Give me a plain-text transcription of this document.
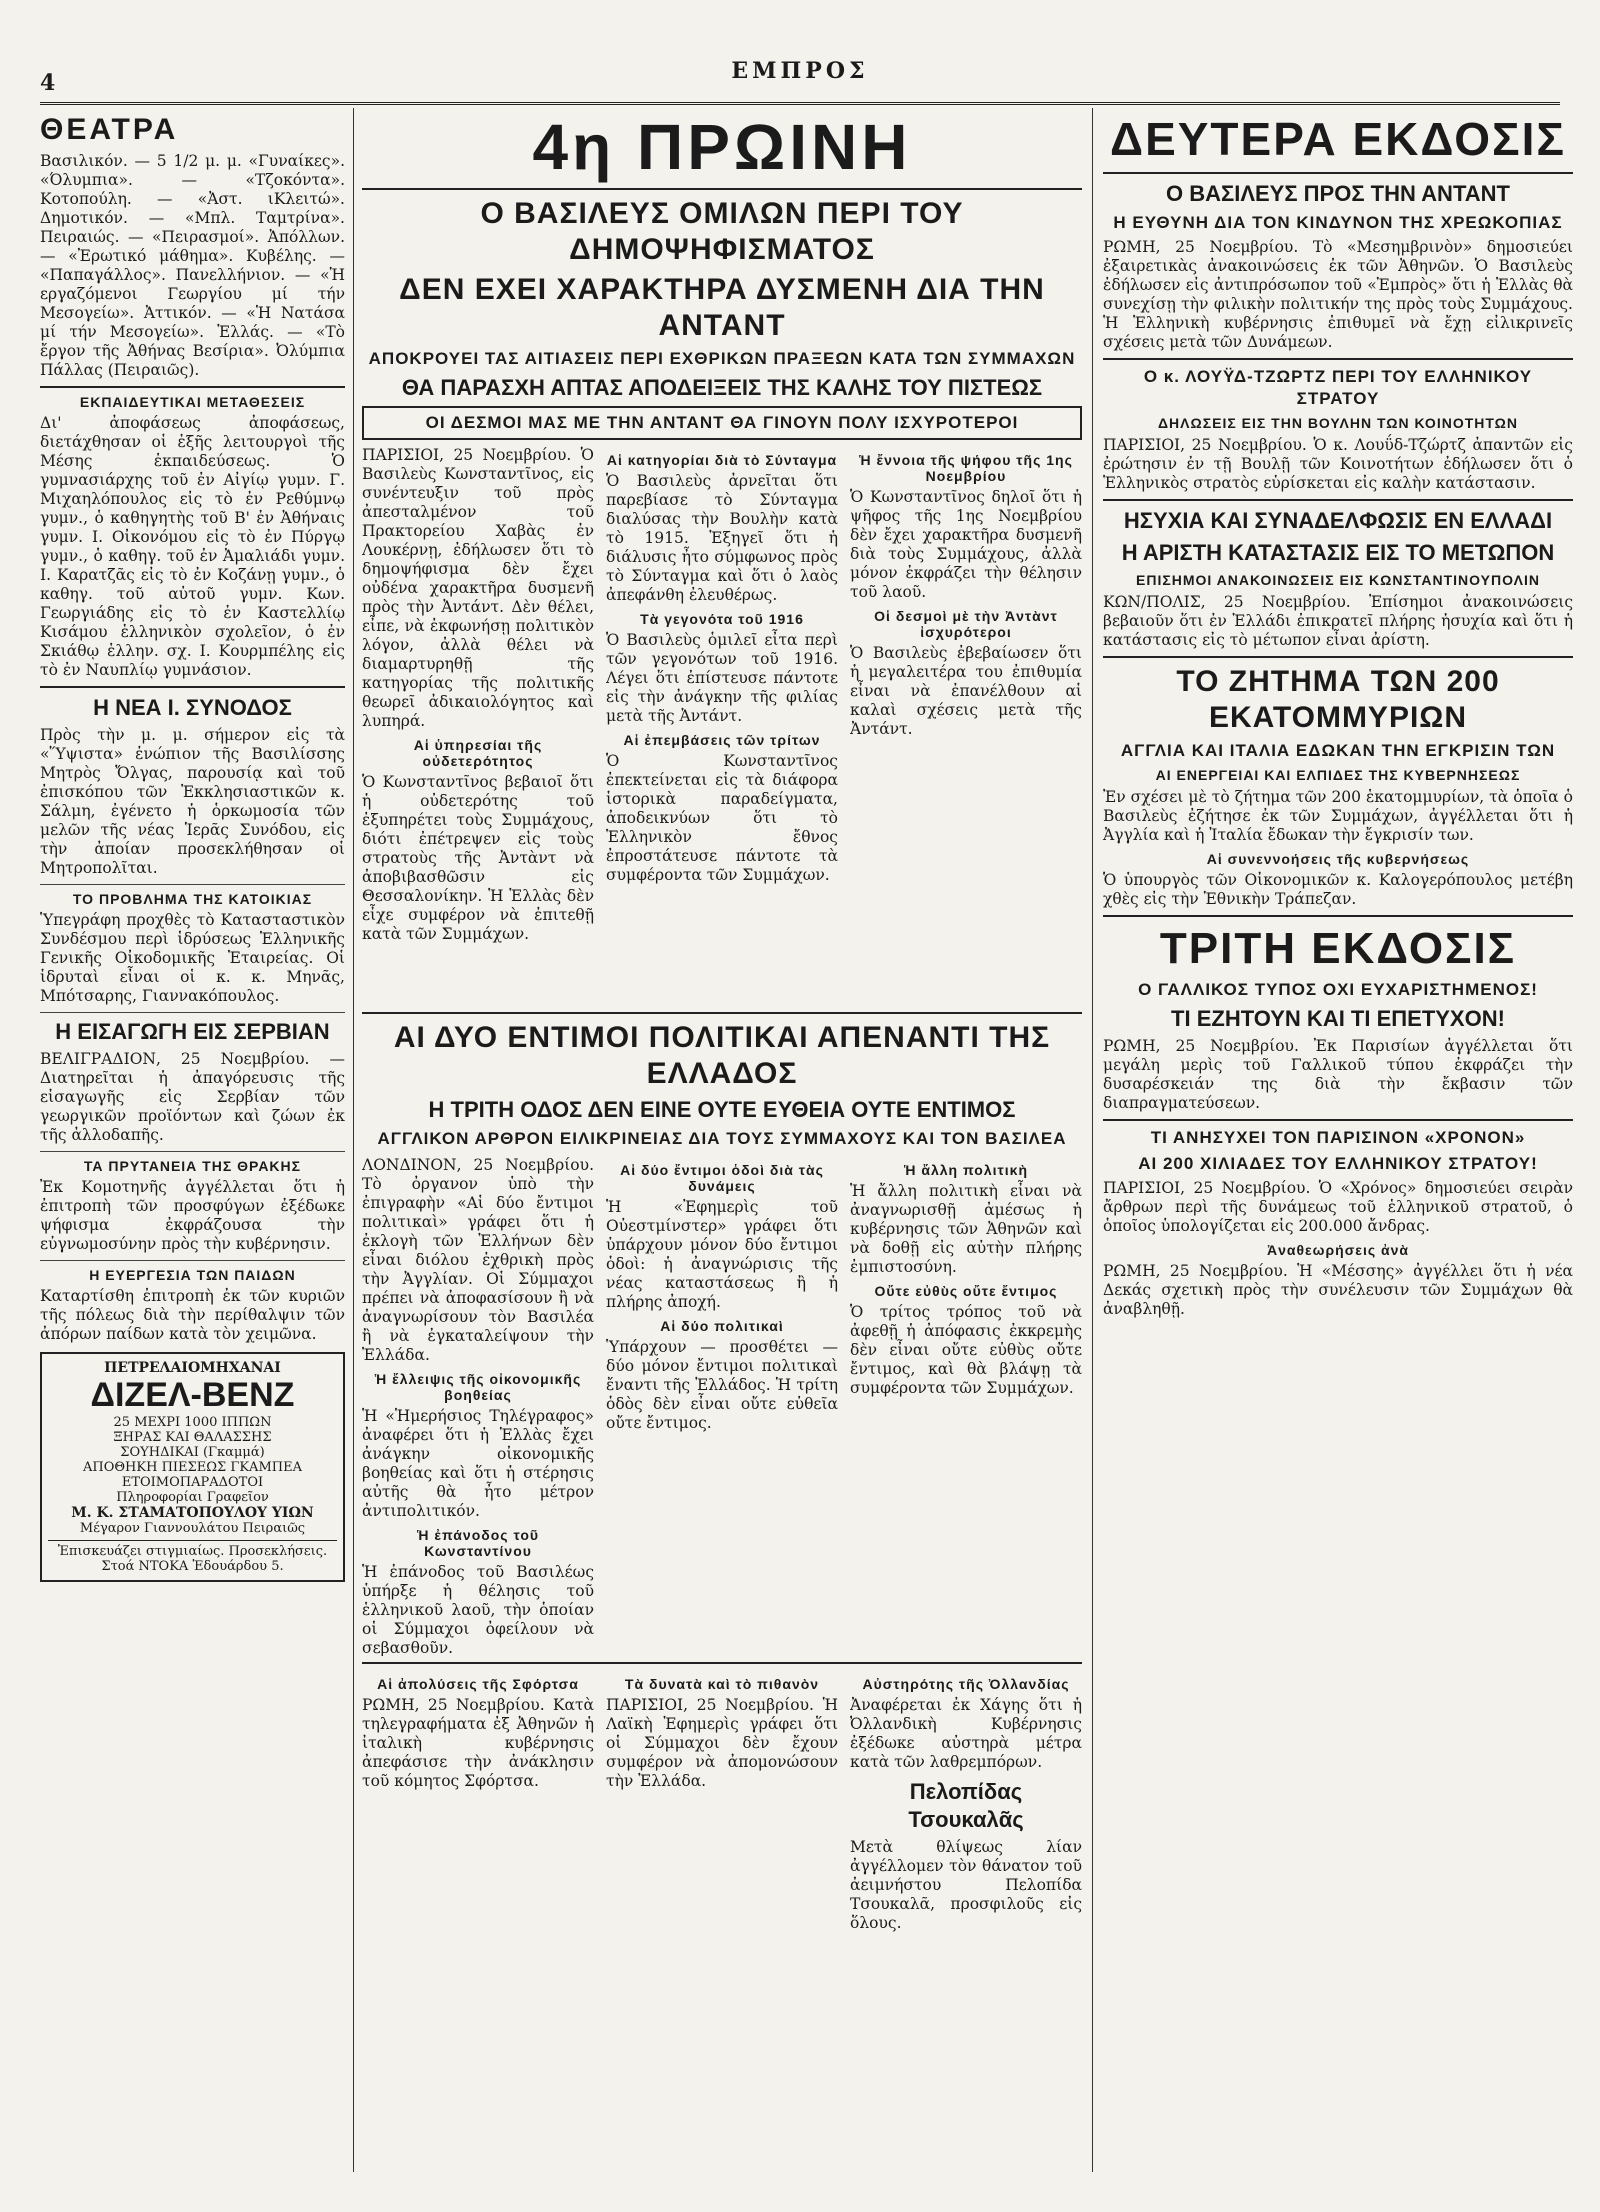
4	ΕΜΠΡΟΣ
ΘΕΑΤΡΑ

Βασιλικόν. — 5 1/2 μ. μ. «Γυναίκες». «Όλυμπια». — «Τζοκόντα». Κοτοπούλη. — «Ἀστ. ιΚλειτώ». Δημοτικόν. — «Μπλ. Ταμτρίνα». Πειραιώς. — «Πειρασμοί». Ἀπόλλων. — «Ἐρωτικό μάθημα». Κυβέλης. — «Παπαγάλλος». Πανελλήνιον. — «Ἡ εργαζόμενοι Γεωργίου μί τήν Μεσογείω». Ἀττικόν. — «Ἡ Νατάσα μί τήν Μεσογείω». Ἑλλάς. — «Τὸ ἔργον τῆς Ἀθήνας Βεσίρια». Ὀλύμπια Πάλλας (Πειραιῶς).

ΕΚΠΑΙΔΕΥΤΙΚΑΙ ΜΕΤΑΘΕΣΕΙΣ

Δι' ἀποφάσεως ἀποφάσεως, διετάχθησαν οἱ ἑξῆς λειτουργοὶ τῆς Μέσης ἐκπαιδεύσεως. Ὁ γυμνασιάρχης τοῦ ἐν Αἰγίῳ γυμν. Γ. Μιχαηλόπουλος εἰς τὸ ἐν Ρεθύμνῳ γυμν., ὁ καθηγητὴς τοῦ Β' ἐν Ἀθήναις γυμν. Ι. Οἰκονόμου εἰς τὸ ἐν Πύργῳ γυμν., ὁ καθηγ. τοῦ ἐν Ἀμαλιάδι γυμν. Ι. Καρατζᾶς εἰς τὸ ἐν Κοζάνῃ γυμν., ὁ καθηγ. τοῦ αὐτοῦ γυμν. Κων. Γεωργιάδης εἰς τὸ ἐν Καστελλίῳ Κισάμου ἑλληνικὸν σχολεῖον, ὁ ἐν Σκιάθῳ ἑλλην. σχ. Ι. Κουρμπέλης εἰς τὸ ἐν Ναυπλίῳ γυμνάσιον.

Η ΝΕΑ Ι. ΣΥΝΟΔΟΣ

Πρὸς τὴν μ. μ. σήμερον εἰς τὰ «Ὕψιστα» ἐνώπιον τῆς Βασιλίσσης Μητρὸς Ὄλγας, παρουσίᾳ καὶ τοῦ ἐπισκόπου τῶν Ἐκκλησιαστικῶν κ. Σάλμη, ἐγένετο ἡ ὁρκωμοσία τῶν μελῶν τῆς νέας Ἱερᾶς Συνόδου, εἰς τὴν ἀποίαν προσεκλήθησαν οἱ Μητροπολῖται.

ΤΟ ΠΡΟΒΛΗΜΑ ΤΗΣ ΚΑΤΟΙΚΙΑΣ

Ὑπεγράφη προχθὲς τὸ Κατασταστικὸν Συνδέσμου περὶ ἱδρύσεως Ἑλληνικῆς Γενικῆς Οἰκοδομικῆς Ἑταιρείας. Οἱ ἱδρυταὶ εἶναι οἱ κ. κ. Μηνᾶς, Μπότσαρης, Γιαννακόπουλος.

Η ΕΙΣΑΓΩΓΗ ΕΙΣ ΣΕΡΒΙΑΝ

ΒΕΛΙΓΡΑΔΙΟΝ, 25 Νοεμβρίου. — Διατηρεῖται ἡ ἀπαγόρευσις τῆς εἰσαγωγῆς εἰς Σερβίαν τῶν γεωργικῶν προϊόντων καὶ ζώων ἐκ τῆς ἀλλοδαπῆς.

ΤΑ ΠΡΥΤΑΝΕΙΑ ΤΗΣ ΘΡΑΚΗΣ

Ἐκ Κομοτηνῆς ἀγγέλλεται ὅτι ἡ ἐπιτροπὴ τῶν προσφύγων ἐξέδωκε ψήφισμα ἐκφράζουσα τὴν εὐγνωμοσύνην πρὸς τὴν κυβέρνησιν.

Η ΕΥΕΡΓΕΣΙΑ ΤΩΝ ΠΑΙΔΩΝ

Καταρτίσθη ἐπιτροπὴ ἐκ τῶν κυριῶν τῆς πόλεως διὰ τὴν περίθαλψιν τῶν ἀπόρων παίδων κατὰ τὸν χειμῶνα.

ΠΕΤΡΕΛΑΙΟΜΗΧΑΝΑΙ
ΔΙΖΕΛ-ΒΕΝΖ
25 ΜΕΧΡΙ 1000 ΙΠΠΩΝ
ΞΗΡΑΣ ΚΑΙ ΘΑΛΑΣΣΗΣ
ΣΟΥΗΔΙΚΑΙ (Γκαμμά)
ΑΠΟΘΗΚΗ ΠΙΕΣΕΩΣ ΓΚΑΜΠΕΑ
ΕΤΟΙΜΟΠΑΡΑΔΟΤΟΙ
Πληροφορίαι Γραφεῖον
Μ. Κ. ΣΤΑΜΑΤΟΠΟΥΛΟΥ ΥΙΩΝ
Μέγαρον Γιαννουλάτου Πειραιῶς
Ἐπισκευάζει στιγμιαίως. Προσεκλήσεις. Στοά ΝΤΟΚΑ Ἐδουάρδου 5.
4η ΠΡΩΙΝΗ
Ο ΒΑΣΙΛΕΥΣ ΟΜΙΛΩΝ ΠΕΡΙ ΤΟΥ ΔΗΜΟΨΗΦΙΣΜΑΤΟΣ
ΔΕΝ ΕΧΕΙ ΧΑΡΑΚΤΗΡΑ ΔΥΣΜΕΝΗ ΔΙΑ ΤΗΝ ΑΝΤΑΝΤ
ΑΠΟΚΡΟΥΕΙ ΤΑΣ ΑΙΤΙΑΣΕΙΣ ΠΕΡΙ ΕΧΘΡΙΚΩΝ ΠΡΑΞΕΩΝ ΚΑΤΑ ΤΩΝ ΣΥΜΜΑΧΩΝ
ΘΑ ΠΑΡΑΣΧΗ ΑΠΤΑΣ ΑΠΟΔΕΙΞΕΙΣ ΤΗΣ ΚΑΛΗΣ ΤΟΥ ΠΙΣΤΕΩΣ
ΟΙ ΔΕΣΜΟΙ ΜΑΣ ΜΕ ΤΗΝ ΑΝΤΑΝΤ ΘΑ ΓΙΝΟΥΝ ΠΟΛΥ ΙΣΧΥΡΟΤΕΡΟΙ

ΠΑΡΙΣΙΟΙ, 25 Νοεμβρίου. Ὁ Βασιλεὺς Κωνσταντῖνος, εἰς συνέντευξιν τοῦ πρὸς ἀπεσταλμένον τοῦ Πρακτορείου Χαβὰς ἐν Λουκέρνῃ, ἐδήλωσεν ὅτι τὸ δημοψήφισμα δὲν ἔχει οὐδένα χαρακτῆρα δυσμενῆ πρὸς τὴν Ἀντάντ. Δὲν θέλει, εἶπε, νὰ ἐκφωνήσῃ πολιτικὸν λόγον, ἀλλὰ θέλει νὰ διαμαρτυρηθῇ τῆς κατηγορίας τῆς πολιτικῆς θεωρεῖ ἀδικαιολόγητος καὶ λυπηρά.

Αἱ ὑπηρεσίαι τῆς οὐδετερότητος

Ὁ Κωνσταντῖνος βεβαιοῖ ὅτι ἡ οὐδετερότης τοῦ ἐξυπηρέτει τοὺς Συμμάχους, διότι ἐπέτρεψεν εἰς τοὺς στρατοὺς τῆς Ἀντὰντ νὰ ἀποβιβασθῶσιν εἰς Θεσσαλονίκην. Ἡ Ἑλλὰς δὲν εἶχε συμφέρον νὰ ἐπιτεθῇ κατὰ τῶν Συμμάχων.

Αἱ κατηγορίαι διὰ τὸ Σύνταγμα

Ὁ Βασιλεὺς ἀρνεῖται ὅτι παρεβίασε τὸ Σύνταγμα διαλύσας τὴν Βουλὴν κατὰ τὸ 1915. Ἐξηγεῖ ὅτι ἡ διάλυσις ἦτο σύμφωνος πρὸς τὸ Σύνταγμα καὶ ὅτι ὁ λαὸς ἀπεφάνθη ἐλευθέρως.

Τὰ γεγονότα τοῦ 1916

Ὁ Βασιλεὺς ὁμιλεῖ εἶτα περὶ τῶν γεγονότων τοῦ 1916. Λέγει ὅτι ἐπίστευσε πάντοτε εἰς τὴν ἀνάγκην τῆς φιλίας μετὰ τῆς Ἀντάντ.

Αἱ ἐπεμβάσεις τῶν τρίτων

Ὁ Κωνσταντῖνος ἐπεκτείνεται εἰς τὰ διάφορα ἱστορικὰ παραδείγματα, ἀποδεικνύων ὅτι τὸ Ἑλληνικὸν ἔθνος ἐπροστάτευσε πάντοτε τὰ συμφέροντα τῶν Συμμάχων.

Ἡ ἔννοια τῆς ψήφου τῆς 1ης Νοεμβρίου

Ὁ Κωνσταντῖνος δηλοῖ ὅτι ἡ ψῆφος τῆς 1ης Νοεμβρίου δὲν ἔχει χαρακτῆρα δυσμενῆ διὰ τοὺς Συμμάχους, ἀλλὰ μόνον ἐκφράζει τὴν θέλησιν τοῦ λαοῦ.

Οἱ δεσμοὶ μὲ τὴν Ἀντὰντ ἰσχυρότεροι

Ὁ Βασιλεὺς ἐβεβαίωσεν ὅτι ἡ μεγαλειτέρα του ἐπιθυμία εἶναι νὰ ἐπανέλθουν αἱ καλαὶ σχέσεις μετὰ τῆς Ἀντάντ.

ΑΙ ΔΥΟ ΕΝΤΙΜΟΙ ΠΟΛΙΤΙΚΑΙ ΑΠΕΝΑΝΤΙ ΤΗΣ ΕΛΛΑΔΟΣ
Η ΤΡΙΤΗ ΟΔΟΣ ΔΕΝ ΕΙΝΕ ΟΥΤΕ ΕΥΘΕΙΑ ΟΥΤΕ ΕΝΤΙΜΟΣ
ΑΓΓΛΙΚΟΝ ΑΡΘΡΟΝ ΕΙΛΙΚΡΙΝΕΙΑΣ ΔΙΑ ΤΟΥΣ ΣΥΜΜΑΧΟΥΣ ΚΑΙ ΤΟΝ ΒΑΣΙΛΕΑ

ΛΟΝΔΙΝΟΝ, 25 Νοεμβρίου. Τὸ ὀργανον ὑπὸ τὴν ἐπιγραφὴν «Αἱ δύο ἔντιμοι πολιτικαὶ» γράφει ὅτι ἡ ἐκλογὴ τῶν Ἑλλήνων δὲν εἶναι διόλου ἐχθρικὴ πρὸς τὴν Ἀγγλίαν. Οἱ Σύμμαχοι πρέπει νὰ ἀποφασίσουν ἢ νὰ ἀναγνωρίσουν τὸν Βασιλέα ἢ νὰ ἐγκαταλείψουν τὴν Ἑλλάδα.

Ἡ ἔλλειψις τῆς οἰκονομικῆς βοηθείας

Ἡ «Ἡμερήσιος Τηλέγραφος» ἀναφέρει ὅτι ἡ Ἑλλὰς ἔχει ἀνάγκην οἰκονομικῆς βοηθείας καὶ ὅτι ἡ στέρησις αὐτῆς θὰ ἦτο μέτρον ἀντιπολιτικόν.

Ἡ ἐπάνοδος τοῦ Κωνσταντίνου

Ἡ ἐπάνοδος τοῦ Βασιλέως ὑπήρξε ἡ θέλησις τοῦ ἑλληνικοῦ λαοῦ, τὴν ὁποίαν οἱ Σύμμαχοι ὀφείλουν νὰ σεβασθοῦν.

Αἱ δύο ἔντιμοι ὁδοὶ διὰ τὰς δυνάμεις

Ἡ «Ἐφημερὶς τοῦ Οὐεστμίνστερ» γράφει ὅτι ὑπάρχουν μόνον δύο ἔντιμοι ὁδοὶ: ἡ ἀναγνώρισις τῆς νέας καταστάσεως ἢ ἡ πλήρης ἀποχή.

Αἱ δύο πολιτικαὶ

Ὑπάρχουν — προσθέτει — δύο μόνον ἔντιμοι πολιτικαὶ ἔναντι τῆς Ἑλλάδος. Ἡ τρίτη ὁδὸς δὲν εἶναι οὔτε εὐθεῖα οὔτε ἔντιμος.

Ἡ ἄλλη πολιτικὴ

Ἡ ἄλλη πολιτικὴ εἶναι νὰ ἀναγνωρισθῇ ἀμέσως ἡ κυβέρνησις τῶν Ἀθηνῶν καὶ νὰ δοθῇ εἰς αὐτὴν πλήρης ἐμπιστοσύνη.

Οὔτε εὐθὺς οὔτε ἔντιμος

Ὁ τρίτος τρόπος τοῦ νὰ ἀφεθῇ ἡ ἀπόφασις ἐκκρεμὴς δὲν εἶναι οὔτε εὐθὺς οὔτε ἔντιμος, καὶ θὰ βλάψῃ τὰ συμφέροντα τῶν Συμμάχων.

Αἱ ἀπολύσεις τῆς Σφόρτσα

ΡΩΜΗ, 25 Νοεμβρίου. Κατὰ τηλεγραφήματα ἐξ Ἀθηνῶν ἡ ἰταλικὴ κυβέρνησις ἀπεφάσισε τὴν ἀνάκλησιν τοῦ κόμητος Σφόρτσα.

Τὰ δυνατὰ καὶ τὸ πιθανὸν

ΠΑΡΙΣΙΟΙ, 25 Νοεμβρίου. Ἡ Λαϊκὴ Ἐφημερὶς γράφει ὅτι οἱ Σύμμαχοι δὲν ἔχουν συμφέρον νὰ ἀπομονώσουν τὴν Ἑλλάδα.

Αὐστηρότης τῆς Ὀλλανδίας

Ἀναφέρεται ἐκ Χάγης ὅτι ἡ Ὀλλανδικὴ Κυβέρνησις ἐξέδωκε αὐστηρὰ μέτρα κατὰ τῶν λαθρεμπόρων.

Πελοπίδας Τσουκαλᾶς

Μετὰ θλίψεως λίαν ἀγγέλλομεν τὸν θάνατον τοῦ ἀειμνήστου Πελοπίδα Τσουκαλᾶ, προσφιλοῦς εἰς ὅλους.

ΔΕΥΤΕΡΑ ΕΚΔΟΣΙΣ
Ο ΒΑΣΙΛΕΥΣ ΠΡΟΣ ΤΗΝ ΑΝΤΑΝΤ
Η ΕΥΘΥΝΗ ΔΙΑ ΤΟΝ ΚΙΝΔΥΝΟΝ ΤΗΣ ΧΡΕΩΚΟΠΙΑΣ

ΡΩΜΗ, 25 Νοεμβρίου. Τὸ «Μεσημβρινὸν» δημοσιεύει ἐξαιρετικὰς ἀνακοινώσεις ἐκ τῶν Ἀθηνῶν. Ὁ Βασιλεὺς ἐδήλωσεν εἰς ἀντιπρόσωπον τοῦ «Ἐμπρὸς» ὅτι ἡ Ἑλλὰς θὰ συνεχίσῃ τὴν φιλικὴν πολιτικήν της πρὸς τοὺς Συμμάχους. Ἡ Ἑλληνικὴ κυβέρνησις ἐπιθυμεῖ νὰ ἔχῃ εἰλικρινεῖς σχέσεις μετὰ τῶν Δυνάμεων.

Ο κ. ΛΟΥΫΔ-ΤΖΩΡΤΖ ΠΕΡΙ ΤΟΥ ΕΛΛΗΝΙΚΟΥ ΣΤΡΑΤΟΥ
ΔΗΛΩΣΕΙΣ ΕΙΣ ΤΗΝ ΒΟΥΛΗΝ ΤΩΝ ΚΟΙΝΟΤΗΤΩΝ

ΠΑΡΙΣΙΟΙ, 25 Νοεμβρίου. Ὁ κ. Λουΰδ-Τζώρτζ ἀπαντῶν εἰς ἐρώτησιν ἐν τῇ Βουλῇ τῶν Κοινοτήτων ἐδήλωσεν ὅτι ὁ Ἑλληνικὸς στρατὸς εὑρίσκεται εἰς καλὴν κατάστασιν.

ΗΣΥΧΙΑ ΚΑΙ ΣΥΝΑΔΕΛΦΩΣΙΣ ΕΝ ΕΛΛΑΔΙ
Η ΑΡΙΣΤΗ ΚΑΤΑΣΤΑΣΙΣ ΕΙΣ ΤΟ ΜΕΤΩΠΟΝ
ΕΠΙΣΗΜΟΙ ΑΝΑΚΟΙΝΩΣΕΙΣ ΕΙΣ ΚΩΝΣΤΑΝΤΙΝΟΥΠΟΛΙΝ

ΚΩΝ/ΠΟΛΙΣ, 25 Νοεμβρίου. Ἐπίσημοι ἀνακοινώσεις βεβαιοῦν ὅτι ἐν Ἑλλάδι ἐπικρατεῖ πλήρης ἡσυχία καὶ ὅτι ἡ κατάστασις εἰς τὸ μέτωπον εἶναι ἀρίστη.

ΤΟ ΖΗΤΗΜΑ ΤΩΝ 200 ΕΚΑΤΟΜΜΥΡΙΩΝ
ΑΓΓΛΙΑ ΚΑΙ ΙΤΑΛΙΑ ΕΔΩΚΑΝ ΤΗΝ ΕΓΚΡΙΣΙΝ ΤΩΝ
ΑΙ ΕΝΕΡΓΕΙΑΙ ΚΑΙ ΕΛΠΙΔΕΣ ΤΗΣ ΚΥΒΕΡΝΗΣΕΩΣ

Ἐν σχέσει μὲ τὸ ζήτημα τῶν 200 ἑκατομμυρίων, τὰ ὁποῖα ὁ Βασιλεὺς ἐζήτησε ἐκ τῶν Συμμάχων, ἀγγέλλεται ὅτι ἡ Ἀγγλία καὶ ἡ Ἰταλία ἔδωκαν τὴν ἔγκρισίν των.

Αἱ συνεννοήσεις τῆς κυβερνήσεως

Ὁ ὑπουργὸς τῶν Οἰκονομικῶν κ. Καλογερόπουλος μετέβη χθὲς εἰς τὴν Ἐθνικὴν Τράπεζαν.

ΤΡΙΤΗ ΕΚΔΟΣΙΣ
Ο ΓΑΛΛΙΚΟΣ ΤΥΠΟΣ ΟΧΙ ΕΥΧΑΡΙΣΤΗΜΕΝΟΣ!
ΤΙ ΕΖΗΤΟΥΝ ΚΑΙ ΤΙ ΕΠΕΤΥΧΟΝ!

ΡΩΜΗ, 25 Νοεμβρίου. Ἐκ Παρισίων ἀγγέλλεται ὅτι μεγάλη μερὶς τοῦ Γαλλικοῦ τύπου ἐκφράζει τὴν δυσαρέσκειάν της διὰ τὴν ἔκβασιν τῶν διαπραγματεύσεων.

ΤΙ ΑΝΗΣΥΧΕΙ ΤΟΝ ΠΑΡΙΣΙΝΟΝ «ΧΡΟΝΟΝ»
ΑΙ 200 ΧΙΛΙΑΔΕΣ ΤΟΥ ΕΛΛΗΝΙΚΟΥ ΣΤΡΑΤΟΥ!

ΠΑΡΙΣΙΟΙ, 25 Νοεμβρίου. Ὁ «Χρόνος» δημοσιεύει σειρὰν ἄρθρων περὶ τῆς δυνάμεως τοῦ ἑλληνικοῦ στρατοῦ, ὁ ὁποῖος ὑπολογίζεται εἰς 200.000 ἄνδρας.

Ἀναθεωρήσεις ἀνὰ

ΡΩΜΗ, 25 Νοεμβρίου. Ἡ «Μέσσης» ἀγγέλλει ὅτι ἡ νέα Δεκάς σχετικὴ πρὸς τὴν συνέλευσιν τῶν Συμμάχων θὰ ἀναβληθῇ.
